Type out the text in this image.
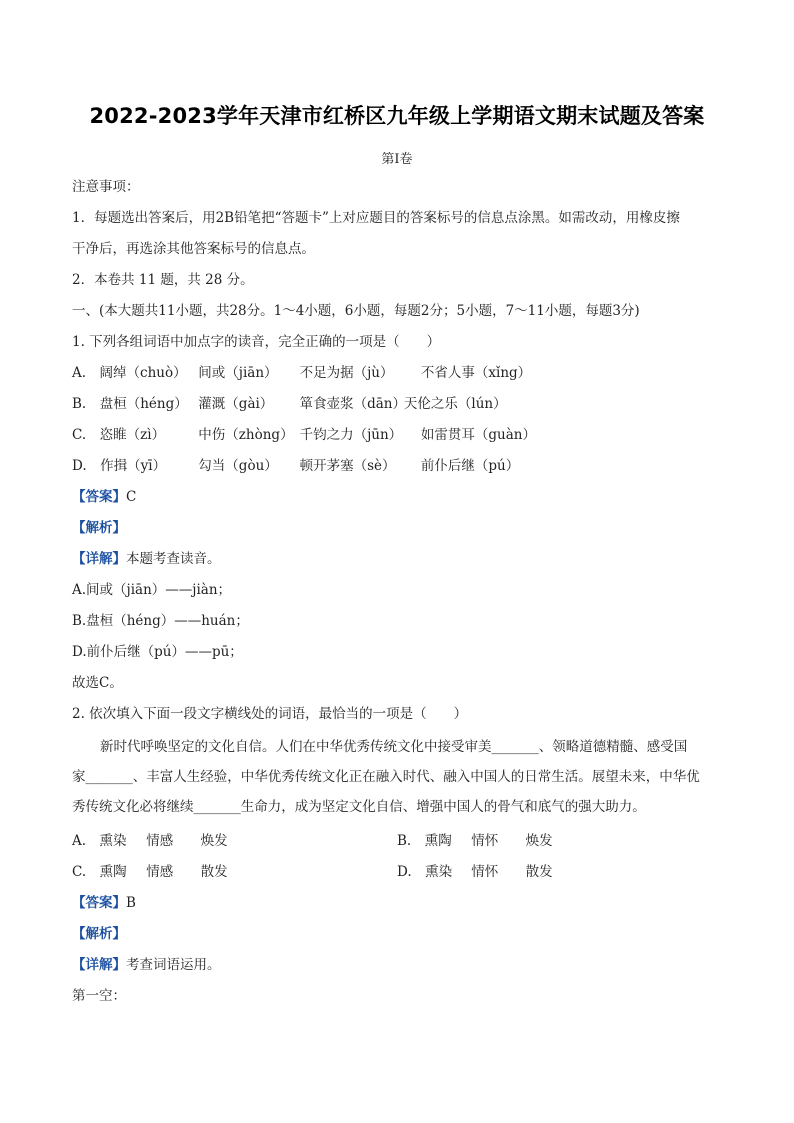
2022-2023学年天津市红桥区九年级上学期语文期末试题及答案
第Ⅰ卷
注意事项：
1．每题选出答案后，用2B铅笔把“答题卡”上对应题目的答案标号的信息点涂黑。如需改动，用橡皮擦
干净后，再选涂其他答案标号的信息点。
2．本卷共 11 题，共 28 分。
一、(本大题共11小题，共28分。1～4小题，6小题，每题2分；5小题，7～11小题，每题3分)
1. 下列各组词语中加点字的读音，完全正确的一项是（　　）
A.　阔绰（chuò） 间或（jiān） 不足为据（jù） 不省人事（xǐng）
B.　盘桓（héng） 灌溉（gài） 箪食壶浆（dān） 天伦之乐（lún）
C.　恣睢（zì） 中伤（zhòng） 千钧之力（jūn） 如雷贯耳（guàn）
D.　作揖（yī） 勾当（gòu） 顿开茅塞（sè） 前仆后继（pú）
【答案】C
【解析】
【详解】本题考查读音。
A.间或（jiān）——jiàn；
B.盘桓（héng）——huán；
D.前仆后继（pú）——pū；
故选C。
2. 依次填入下面一段文字横线处的词语，最恰当的一项是（　　）
新时代呼唤坚定的文化自信。人们在中华优秀传统文化中接受审美_______、领略道德精髓、感受国
家_______、丰富人生经验，中华优秀传统文化正在融入时代、融入中国人的日常生活。展望未来，中华优
秀传统文化必将继续_______生命力，成为坚定文化自信、增强中国人的骨气和底气的强大助力。
A.　熏染 情感 焕发	B.　熏陶 情怀 焕发
C.　熏陶 情感 散发	D.　熏染 情怀 散发
【答案】B
【解析】
【详解】考查词语运用。
第一空：
